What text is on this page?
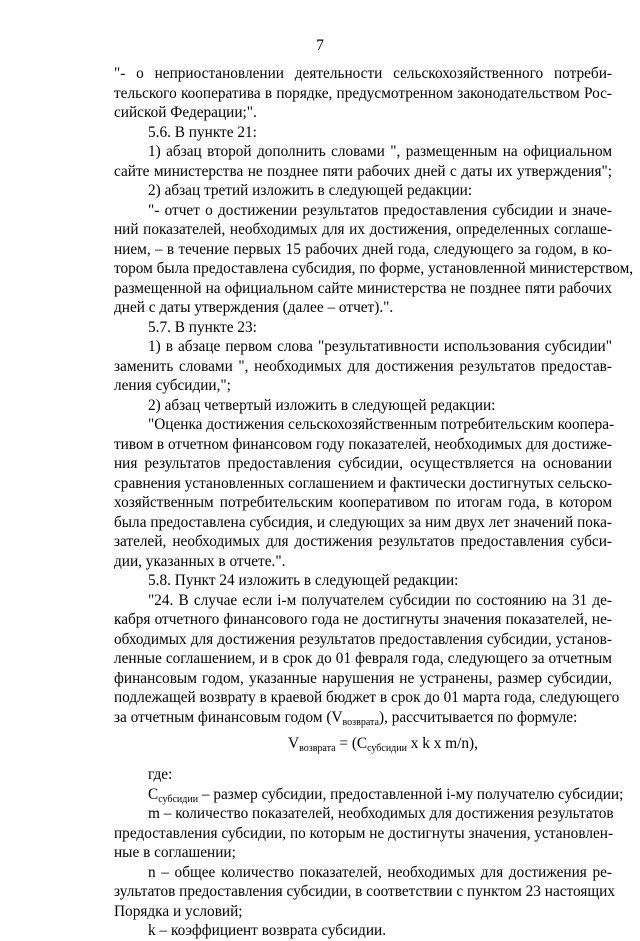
7
"- о неприостановлении деятельности сельскохозяйственного потреби-
тельского кооператива в порядке, предусмотренном законодательством Рос-
сийской Федерации;".
5.6. В пункте 21:
1) абзац второй дополнить словами ", размещенным на официальном
сайте министерства не позднее пяти рабочих дней с даты их утверждения";
2) абзац третий изложить в следующей редакции:
"- отчет о достижении результатов предоставления субсидии и значе-
ний показателей, необходимых для их достижения, определенных соглаше-
нием, – в течение первых 15 рабочих дней года, следующего за годом, в ко-
тором была предоставлена субсидия, по форме, установленной министерством,
размещенной на официальном сайте министерства не позднее пяти рабочих
дней с даты утверждения (далее – отчет).".
5.7. В пункте 23:
1) в абзаце первом слова "результативности использования субсидии"
заменить словами ", необходимых для достижения результатов предостав-
ления субсидии,";
2) абзац четвертый изложить в следующей редакции:
"Оценка достижения сельскохозяйственным потребительским коопера-
тивом в отчетном финансовом году показателей, необходимых для достиже-
ния результатов предоставления субсидии, осуществляется на основании
сравнения установленных соглашением и фактически достигнутых сельско-
хозяйственным потребительским кооперативом по итогам года, в котором
была предоставлена субсидия, и следующих за ним двух лет значений пока-
зателей, необходимых для достижения результатов предоставления субси-
дии, указанных в отчете.".
5.8. Пункт 24 изложить в следующей редакции:
"24. В случае если i-м получателем субсидии по состоянию на 31 де-
кабря отчетного финансового года не достигнуты значения показателей, не-
обходимых для достижения результатов предоставления субсидии, установ-
ленные соглашением, и в срок до 01 февраля года, следующего за отчетным
финансовым годом, указанные нарушения не устранены, размер субсидии,
подлежащей возврату в краевой бюджет в срок до 01 марта года, следующего
за отчетным финансовым годом $(V_{возврата})$, рассчитывается по формуле:
$V_{возврата} = (C_{субсидии}$ x k x m/n),
где:
$C_{субсидии}$ – размер субсидии, предоставленной i-му получателю субсидии;
m – количество показателей, необходимых для достижения результатов
предоставления субсидии, по которым не достигнуты значения, установлен-
ные в соглашении;
n – общее количество показателей, необходимых для достижения ре-
зультатов предоставления субсидии, в соответствии с пунктом 23 настоящих
Порядка и условий;
k – коэффициент возврата субсидии.
